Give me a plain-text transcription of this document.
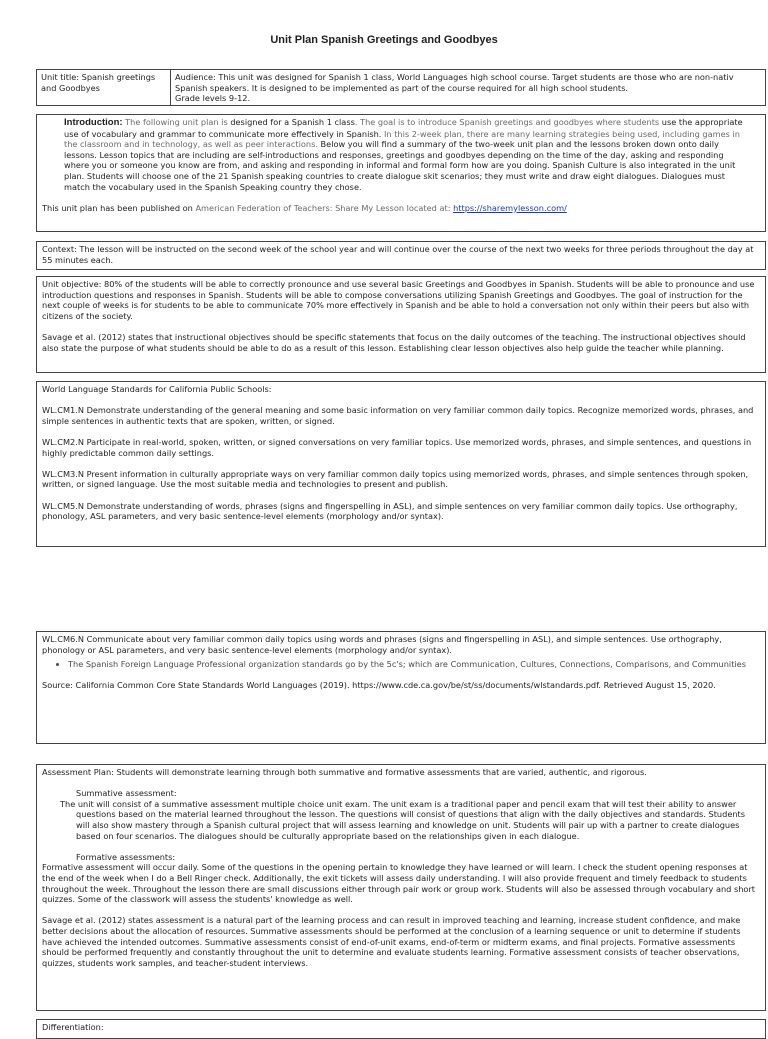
Unit Plan Spanish Greetings and Goodbyes
Unit title: Spanish greetings and Goodbyes

Audience: This unit was designed for Spanish 1 class, World Languages high school course. Target students are those who are non-nativ

Spanish speakers. It is designed to be implemented as part of the course required for all high school students.

Grade levels 9-12.

Introduction: The following unit plan is designed for a Spanish 1 class. The goal is to introduce Spanish greetings and goodbyes where students use the appropriate use of vocabulary and grammar to communicate more effectively in Spanish. In this 2-week plan, there are many learning strategies being used, including games in the classroom and in technology, as well as peer interactions. Below you will find a summary of the two-week unit plan and the lessons broken down onto daily lessons. Lesson topics that are including are self-introductions and responses, greetings and goodbyes depending on the time of the day, asking and responding where you or someone you know are from, and asking and responding in informal and formal form how are you doing. Spanish Culture is also integrated in the unit plan. Students will choose one of the 21 Spanish speaking countries to create dialogue skit scenarios; they must write and draw eight dialogues. Dialogues must match the vocabulary used in the Spanish Speaking country they chose.

This unit plan has been published on American Federation of Teachers: Share My Lesson located at: https://sharemylesson.com/

Context: The lesson will be instructed on the second week of the school year and will continue over the course of the next two weeks for three periods throughout the day at 55 minutes each.

Unit objective: 80% of the students will be able to correctly pronounce and use several basic Greetings and Goodbyes in Spanish. Students will be able to pronounce and use introduction questions and responses in Spanish. Students will be able to compose conversations utilizing Spanish Greetings and Goodbyes. The goal of instruction for the next couple of weeks is for students to be able to communicate 70% more effectively in Spanish and be able to hold a conversation not only within their peers but also with citizens of the society.

Savage et al. (2012) states that instructional objectives should be specific statements that focus on the daily outcomes of the teaching. The instructional objectives should also state the purpose of what students should be able to do as a result of this lesson. Establishing clear lesson objectives also help guide the teacher while planning.

World Language Standards for California Public Schools:

WL.CM1.N Demonstrate understanding of the general meaning and some basic information on very familiar common daily topics. Recognize memorized words, phrases, and simple sentences in authentic texts that are spoken, written, or signed.

WL.CM2.N Participate in real-world, spoken, written, or signed conversations on very familiar topics. Use memorized words, phrases, and simple sentences, and questions in highly predictable common daily settings.

WL.CM3.N Present information in culturally appropriate ways on very familiar common daily topics using memorized words, phrases, and simple sentences through spoken, written, or signed language. Use the most suitable media and technologies to present and publish.

WL.CM5.N Demonstrate understanding of words, phrases (signs and fingerspelling in ASL), and simple sentences on very familiar common daily topics. Use orthography, phonology, ASL parameters, and very basic sentence-level elements (morphology and/or syntax).

WL.CM6.N Communicate about very familiar common daily topics using words and phrases (signs and fingerspelling in ASL), and simple sentences. Use orthography, phonology or ASL parameters, and very basic sentence-level elements (morphology and/or syntax).

• The Spanish Foreign Language Professional organization standards go by the 5c's; which are Communication, Cultures, Connections, Comparisons, and Communities

Source: California Common Core State Standards World Languages (2019). https://www.cde.ca.gov/be/st/ss/documents/wlstandards.pdf. Retrieved August 15, 2020.

Assessment Plan: Students will demonstrate learning through both summative and formative assessments that are varied, authentic, and rigorous.

Summative assessment:

The unit will consist of a summative assessment multiple choice unit exam. The unit exam is a traditional paper and pencil exam that will test their ability to answer questions based on the material learned throughout the lesson. The questions will consist of questions that align with the daily objectives and standards. Students will also show mastery through a Spanish cultural project that will assess learning and knowledge on unit. Students will pair up with a partner to create dialogues based on four scenarios. The dialogues should be culturally appropriate based on the relationships given in each dialogue.

Formative assessments:

Formative assessment will occur daily. Some of the questions in the opening pertain to knowledge they have learned or will learn. I check the student opening responses at the end of the week when I do a Bell Ringer check. Additionally, the exit tickets will assess daily understanding. I will also provide frequent and timely feedback to students throughout the week. Throughout the lesson there are small discussions either through pair work or group work. Students will also be assessed through vocabulary and short quizzes. Some of the classwork will assess the students' knowledge as well.

Savage et al. (2012) states assessment is a natural part of the learning process and can result in improved teaching and learning, increase student confidence, and make better decisions about the allocation of resources. Summative assessments should be performed at the conclusion of a learning sequence or unit to determine if students have achieved the intended outcomes. Summative assessments consist of end-of-unit exams, end-of-term or midterm exams, and final projects. Formative assessments should be performed frequently and constantly throughout the unit to determine and evaluate students learning. Formative assessment consists of teacher observations, quizzes, students work samples, and teacher-student interviews.

Differentiation:
